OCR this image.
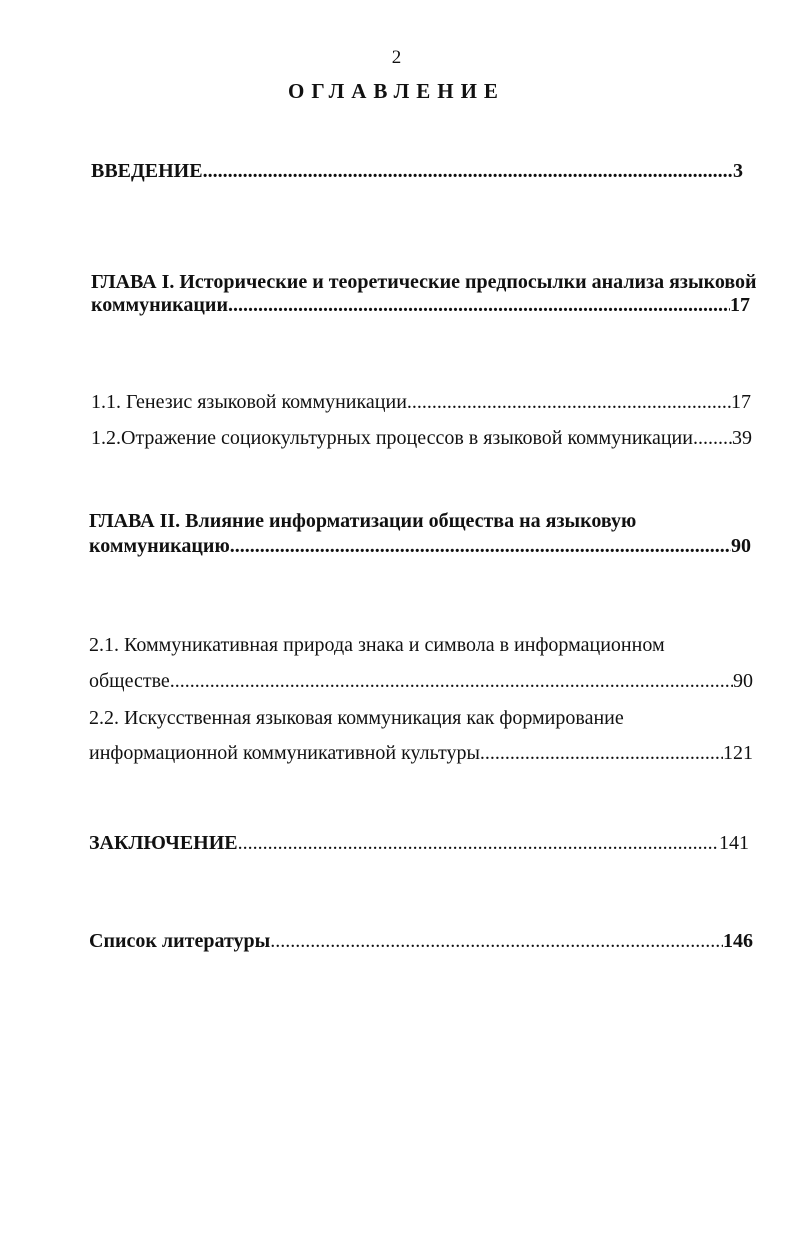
2
ОГЛАВЛЕНИЕ
ВВЕДЕНИЕ .....	3
ГЛАВА I. Исторические и теоретические предпосылки анализа языковой
коммуникации .....	17
1.1. Генезис языковой коммуникации .....	17
1.2.Отражение социокультурных процессов в языковой коммуникации ..... 39
ГЛАВА II. Влияние информатизации общества на языковую
коммуникацию .....	90
2.1. Коммуникативная природа знака и символа в информационном
обществе .....	90
2.2. Искусственная языковая коммуникация как формирование
информационной коммуникативной культуры .....	121
ЗАКЛЮЧЕНИЕ .....	141
Список литературы .....	146
